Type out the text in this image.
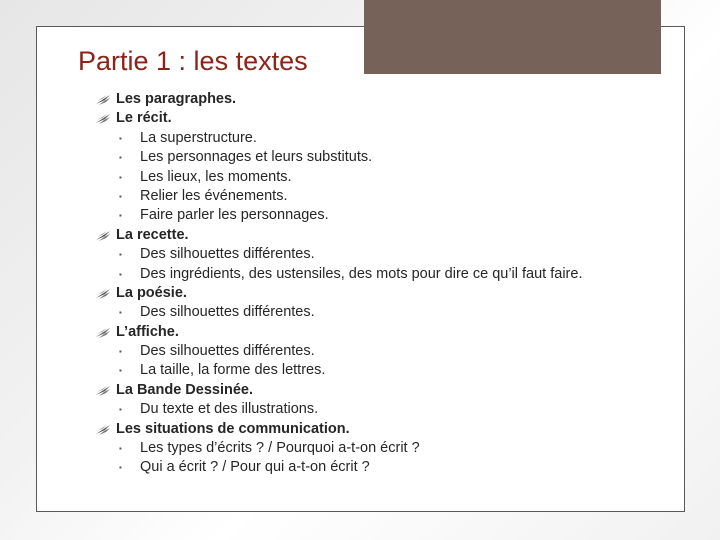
Partie 1 : les textes
Les paragraphes.
Le récit.
▪ La superstructure.
▪ Les personnages et leurs substituts.
▪ Les lieux, les moments.
▪ Relier les événements.
▪ Faire parler les personnages.
La recette.
▪ Des silhouettes différentes.
▪ Des ingrédients, des ustensiles, des mots pour dire ce qu’il faut faire.
La poésie.
▪ Des silhouettes différentes.
L’affiche.
▪ Des silhouettes différentes.
▪ La taille, la forme des lettres.
La Bande Dessinée.
▪ Du texte et des illustrations.
Les situations de communication.
▪ Les types d’écrits ? / Pourquoi a-t-on écrit ?
▪ Qui a écrit ? / Pour qui a-t-on écrit ?
